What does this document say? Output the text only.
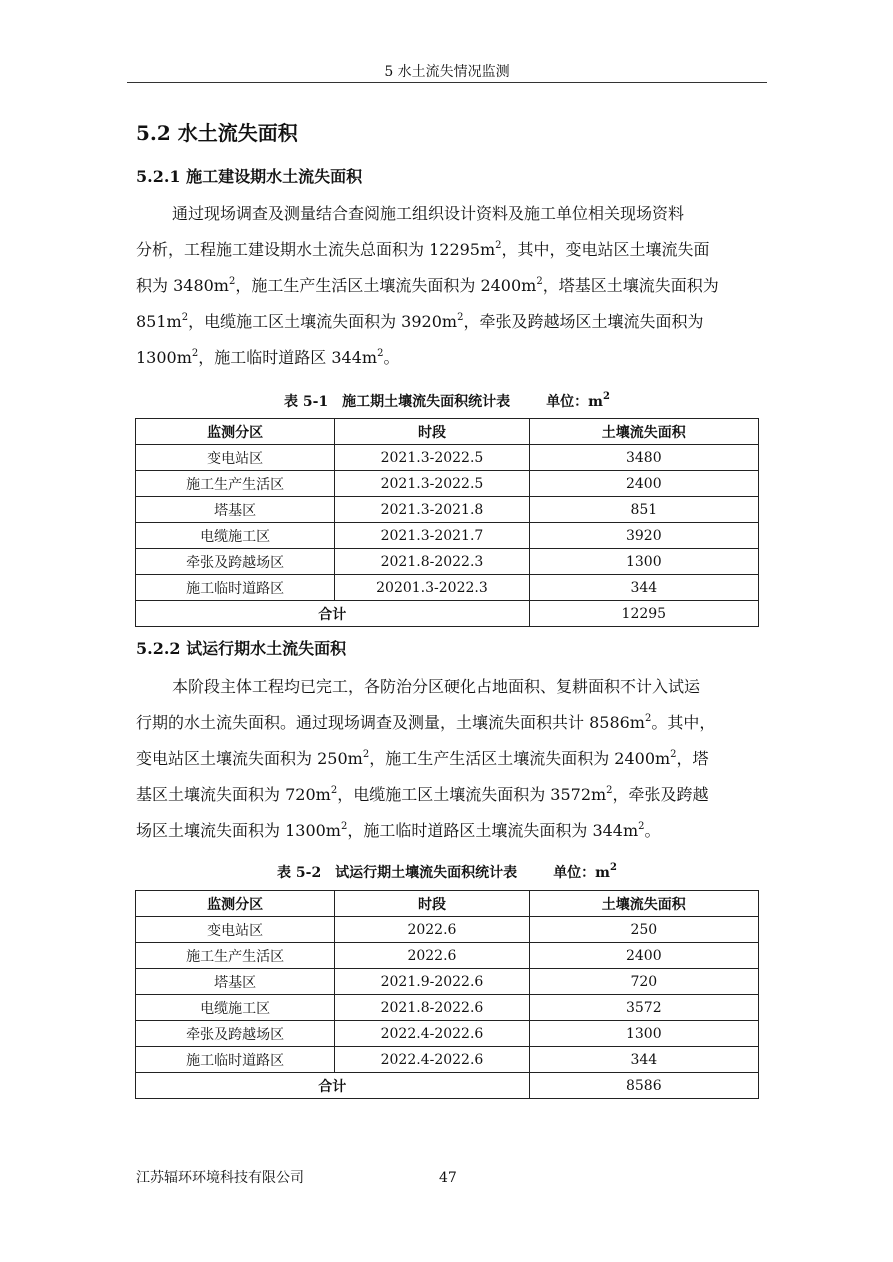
5 水土流失情况监测
5.2 水土流失面积
5.2.1 施工建设期水土流失面积
通过现场调查及测量结合查阅施工组织设计资料及施工单位相关现场资料
分析，工程施工建设期水土流失总面积为 $12295m^2$，其中，变电站区土壤流失面
积为 $3480m^2$，施工生产生活区土壤流失面积为 $2400m^2$，塔基区土壤流失面积为
$851m^2$，电缆施工区土壤流失面积为 $3920m^2$，牵张及跨越场区土壤流失面积为
$1300m^2$，施工临时道路区 $344m^2$。
表 5-1　施工期土壤流失面积统计表	单位：$m^2$
监测分区	时段	土壤流失面积
变电站区	2021.3-2022.5	3480
施工生产生活区	2021.3-2022.5	2400
塔基区	2021.3-2021.8	851
电缆施工区	2021.3-2021.7	3920
牵张及跨越场区	2021.8-2022.3	1300
施工临时道路区	20201.3-2022.3	344
合计		12295
5.2.2 试运行期水土流失面积
本阶段主体工程均已完工，各防治分区硬化占地面积、复耕面积不计入试运
行期的水土流失面积。通过现场调查及测量，土壤流失面积共计 $8586m^2$。其中，
变电站区土壤流失面积为 $250m^2$，施工生产生活区土壤流失面积为 $2400m^2$，塔
基区土壤流失面积为 $720m^2$，电缆施工区土壤流失面积为 $3572m^2$，牵张及跨越
场区土壤流失面积为 $1300m^2$，施工临时道路区土壤流失面积为 $344m^2$。
表 5-2　试运行期土壤流失面积统计表	单位：$m^2$
监测分区	时段	土壤流失面积
变电站区	2022.6	250
施工生产生活区	2022.6	2400
塔基区	2021.9-2022.6	720
电缆施工区	2021.8-2022.6	3572
牵张及跨越场区	2022.4-2022.6	1300
施工临时道路区	2022.4-2022.6	344
合计		8586
江苏辐环环境科技有限公司	47
